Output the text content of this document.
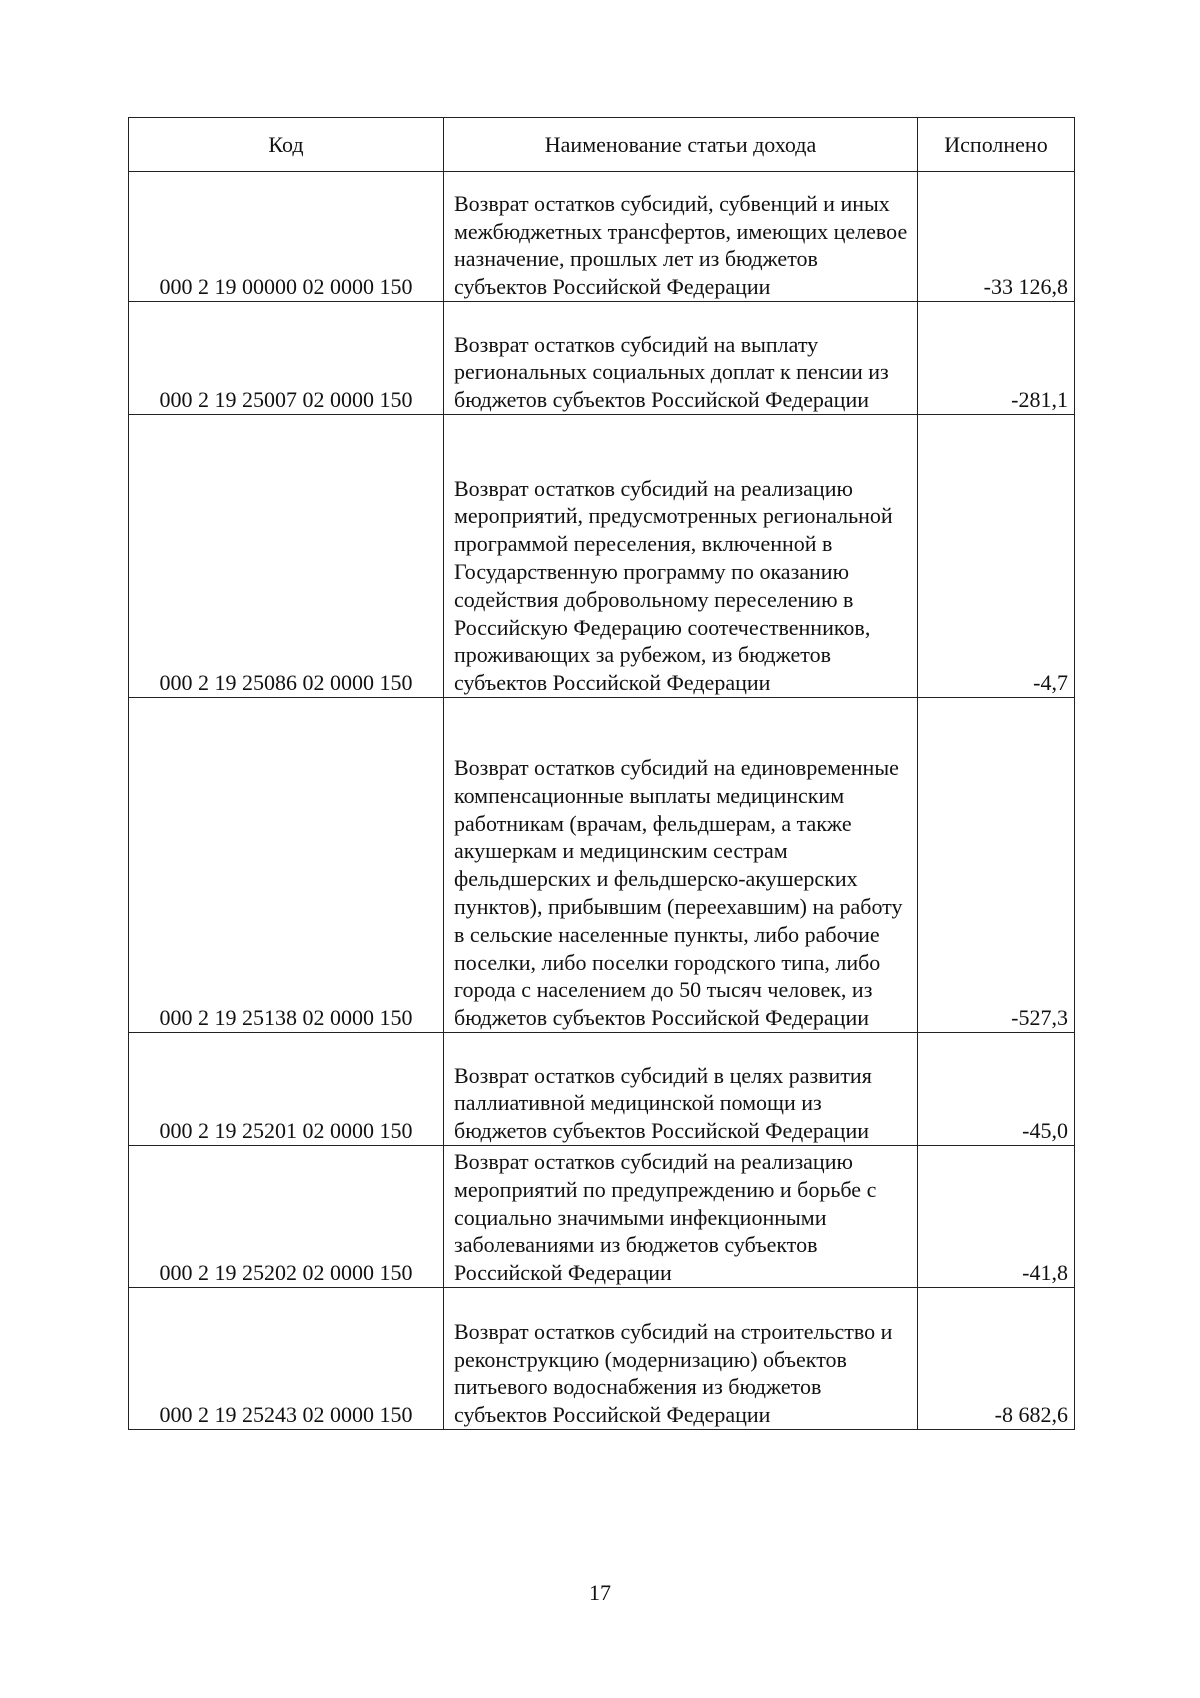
Код	Наименование статьи дохода	Исполнено
000 2 19 00000 02 0000 150	Возврат остатков субсидий, субвенций и иных межбюджетных трансфертов, имеющих целевое назначение, прошлых лет из бюджетов субъектов Российской Федерации	-33 126,8
000 2 19 25007 02 0000 150	Возврат остатков субсидий на выплату региональных социальных доплат к пенсии из бюджетов субъектов Российской Федерации	-281,1
000 2 19 25086 02 0000 150	Возврат остатков субсидий на реализацию мероприятий, предусмотренных региональной программой переселения, включенной в Государственную программу по оказанию содействия добровольному переселению в Российскую Федерацию соотечественников, проживающих за рубежом, из бюджетов субъектов Российской Федерации	-4,7
000 2 19 25138 02 0000 150	Возврат остатков субсидий на единовременные компенсационные выплаты медицинским работникам (врачам, фельдшерам, а также акушеркам и медицинским сестрам фельдшерских и фельдшерско-акушерских пунктов), прибывшим (переехавшим) на работу в сельские населенные пункты, либо рабочие поселки, либо поселки городского типа, либо города с населением до 50 тысяч человек, из бюджетов субъектов Российской Федерации	-527,3
000 2 19 25201 02 0000 150	Возврат остатков субсидий в целях развития паллиативной медицинской помощи из бюджетов субъектов Российской Федерации	-45,0
000 2 19 25202 02 0000 150	Возврат остатков субсидий на реализацию мероприятий по предупреждению и борьбе с социально значимыми инфекционными заболеваниями из бюджетов субъектов Российской Федерации	-41,8
000 2 19 25243 02 0000 150	Возврат остатков субсидий на строительство и реконструкцию (модернизацию) объектов питьевого водоснабжения из бюджетов субъектов Российской Федерации	-8 682,6
17
